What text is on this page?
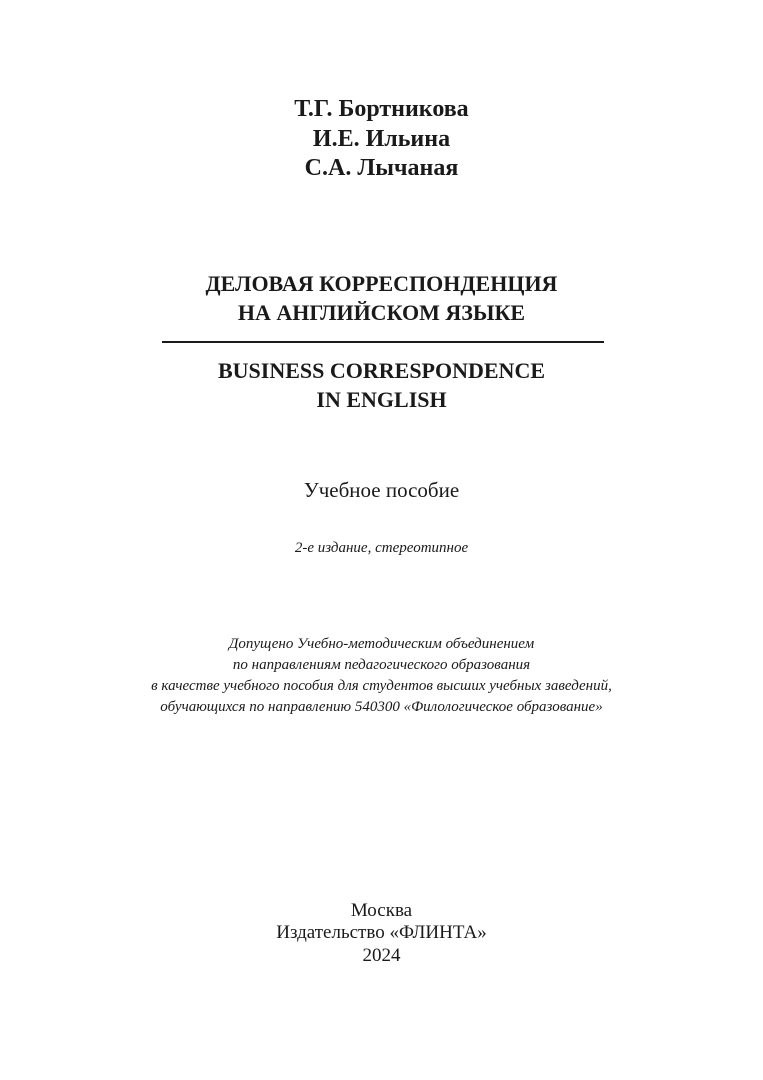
Т.Г. Бортникова
И.Е. Ильина
С.А. Лычаная
ДЕЛОВАЯ КОРРЕСПОНДЕНЦИЯ
НА АНГЛИЙСКОМ ЯЗЫКЕ
BUSINESS CORRESPONDENCE
IN ENGLISH
Учебное пособие
2-е издание, стереотипное
Допущено Учебно-методическим объединением
по направлениям педагогического образования
в качестве учебного пособия для студентов высших учебных заведений,
обучающихся по направлению 540300 «Филологическое образование»
Москва
Издательство «ФЛИНТА»
2024
